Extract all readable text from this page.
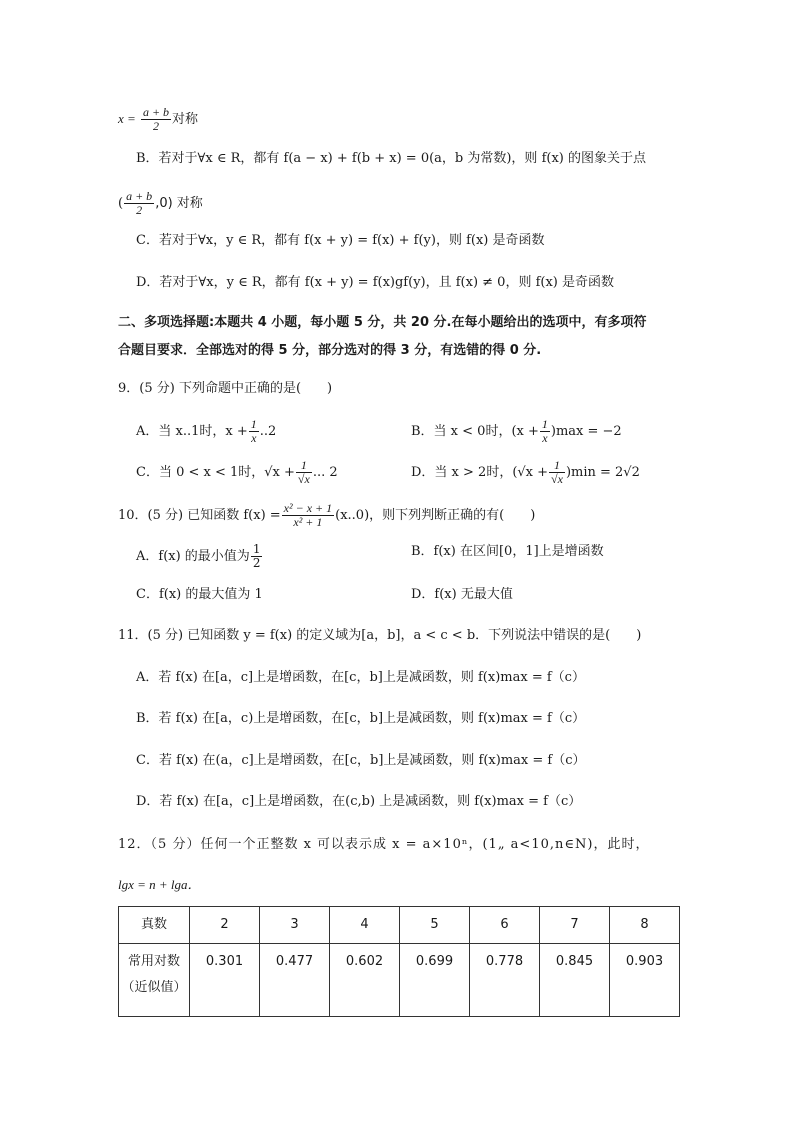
$x = \frac{a + b}{2}$ 对称
B．若对于∀x ∈ R，都有 f(a − x) + f(b + x) = 0(a，b 为常数)，则 f(x) 的图象关于点
( $\frac{a + b}{2} ,0$) 对称
C．若对于∀x，y ∈ R，都有 f(x + y) = f(x) + f(y)，则 f(x) 是奇函数
D．若对于∀x，y ∈ R，都有 f(x + y) = f(x)gf(y)，且 f(x) ≠ 0，则 f(x) 是奇函数
二、多项选择题:本题共 4 小题，每小题 5 分，共 20 分.在每小题给出的选项中，有多项符
合题目要求．全部选对的得 5 分，部分选对的得 3 分，有选错的得 0 分.
9．(5 分) 下列命题中正确的是(　　)
A．当 x..1时，$x + \frac{1}{x} ..2$	B．当 x < 0时，$(x + \frac{1}{x} )\max = -2$
C．当 0 < x < 1时，$√x + \frac{1}{√x}$ ... 2	D．当 x > 2时，$(√x + \frac{1}{√x} )\min = 2√2$
10．(5 分) 已知函数 $f(x) = \frac{\text{x² − x + 1}}{\text{x² + 1}} (x..0)$，则下列判断正确的有(　　)
A．f(x) 的最小值为 $\frac{1}{2}$	B．f(x) 在区间[0，1]上是增函数
C．f(x) 的最大值为 1	D．f(x) 无最大值
11．(5 分) 已知函数 y = f(x) 的定义域为[a，b]，a < c < b．下列说法中错误的是(　　)
A．若 f(x) 在[a，c]上是增函数，在[c，b]上是减函数，则 f(x)max = f（c）
B．若 f(x) 在[a，c)上是增函数，在[c，b]上是减函数，则 f(x)max = f（c）
C．若 f(x) 在(a，c]上是增函数，在[c，b]上是减函数，则 f(x)max = f（c）
D．若 f(x) 在[a，c]上是增函数，在(c,b) 上是减函数，则 f(x)max = f（c）
12．（5 分）任何一个正整数 x 可以表示成 x = a×10ⁿ，(1„ a<10,n∈N)，此时，
lgx = n + lga．
真数	2	3	4	5	6	7	8

常用对数
（近似值）	0.301	0.477	0.602	0.699	0.778	0.845	0.903
